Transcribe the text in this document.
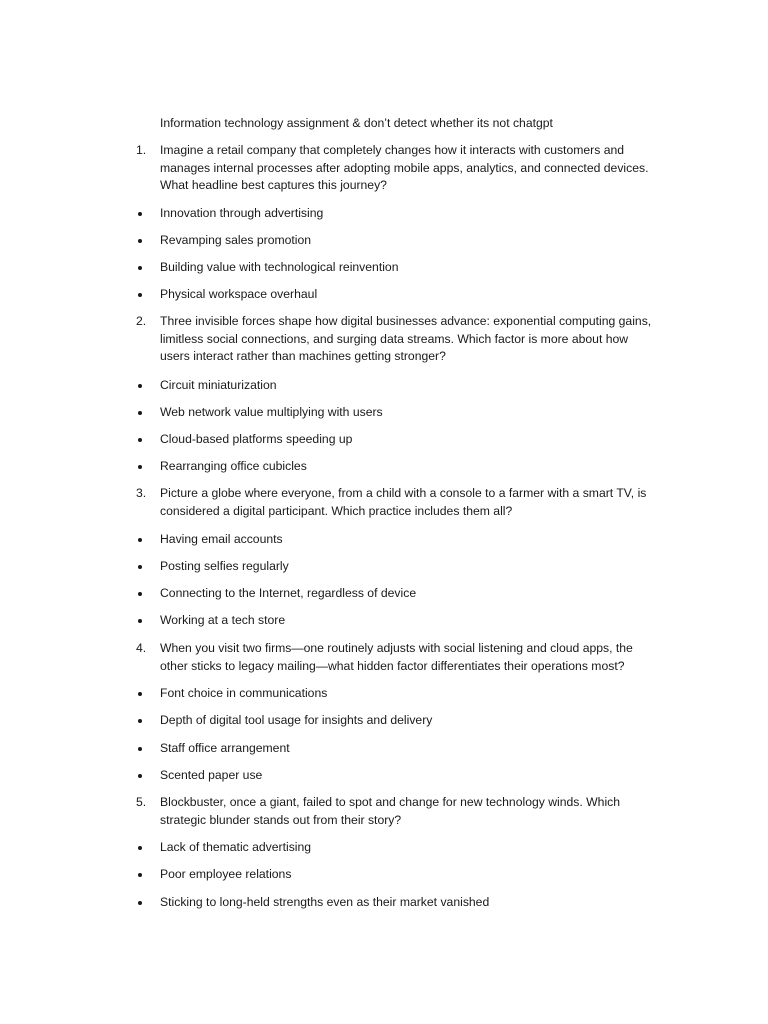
Information technology assignment & don’t detect whether its not chatgpt
1.	Imagine a retail company that completely changes how it interacts with customers and manages internal processes after adopting mobile apps, analytics, and connected devices. What headline best captures this journey?
Innovation through advertising
Revamping sales promotion
Building value with technological reinvention
Physical workspace overhaul
2.	Three invisible forces shape how digital businesses advance: exponential computing gains, limitless social connections, and surging data streams. Which factor is more about how users interact rather than machines getting stronger?
Circuit miniaturization
Web network value multiplying with users
Cloud-based platforms speeding up
Rearranging office cubicles
3.	Picture a globe where everyone, from a child with a console to a farmer with a smart TV, is considered a digital participant. Which practice includes them all?
Having email accounts
Posting selfies regularly
Connecting to the Internet, regardless of device
Working at a tech store
4.	When you visit two firms—one routinely adjusts with social listening and cloud apps, the other sticks to legacy mailing—what hidden factor differentiates their operations most?
Font choice in communications
Depth of digital tool usage for insights and delivery
Staff office arrangement
Scented paper use
5.	Blockbuster, once a giant, failed to spot and change for new technology winds. Which strategic blunder stands out from their story?
Lack of thematic advertising
Poor employee relations
Sticking to long-held strengths even as their market vanished
